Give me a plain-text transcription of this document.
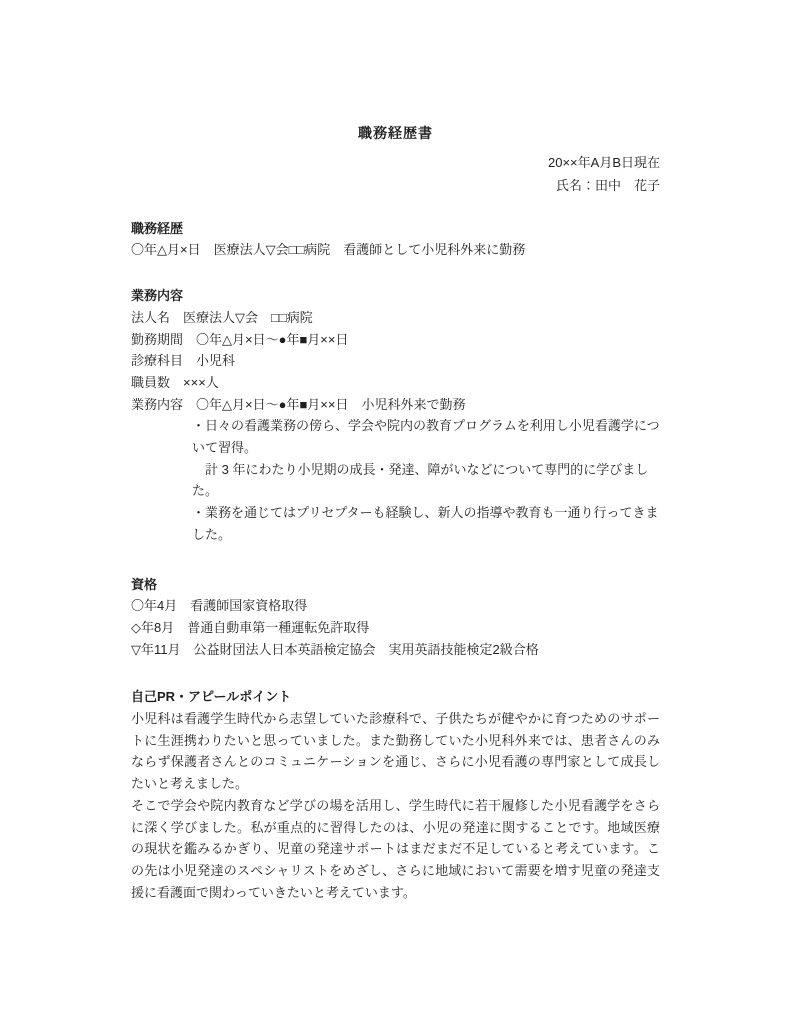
職務経歴書
20××年A月B日現在
氏名：田中　花子

職務経歴

〇年△月×日　医療法人▽会□□病院　看護師として小児科外来に勤務

業務内容

法人名 医療法人▽会　□□病院
勤務期間 〇年△月×日～●年■月××日
診療科目 小児科
職員数 ×××人
業務内容 〇年△月×日～●年■月××日　小児科外来で勤務
・日々の看護業務の傍ら、学会や院内の教育プログラムを利用し小児看護学について習得。
計 3 年にわたり小児期の成長・発達、障がいなどについて専門的に学びました。
・業務を通じてはプリセプターも経験し、新人の指導や教育も一通り行ってきました。

資格

〇年4月　看護師国家資格取得
◇年8月　普通自動車第一種運転免許取得
▽年11月　公益財団法人日本英語検定協会　実用英語技能検定2級合格

自己PR・アピールポイント

小児科は看護学生時代から志望していた診療科で、子供たちが健やかに育つためのサポートに生涯携わりたいと思っていました。また勤務していた小児科外来では、患者さんのみならず保護者さんとのコミュニケーションを通じ、さらに小児看護の専門家として成長したいと考えました。

そこで学会や院内教育など学びの場を活用し、学生時代に若干履修した小児看護学をさらに深く学びました。私が重点的に習得したのは、小児の発達に関することです。地域医療の現状を鑑みるかぎり、児童の発達サポートはまだまだ不足していると考えています。この先は小児発達のスペシャリストをめざし、さらに地域において需要を増す児童の発達支援に看護面で関わっていきたいと考えています。
